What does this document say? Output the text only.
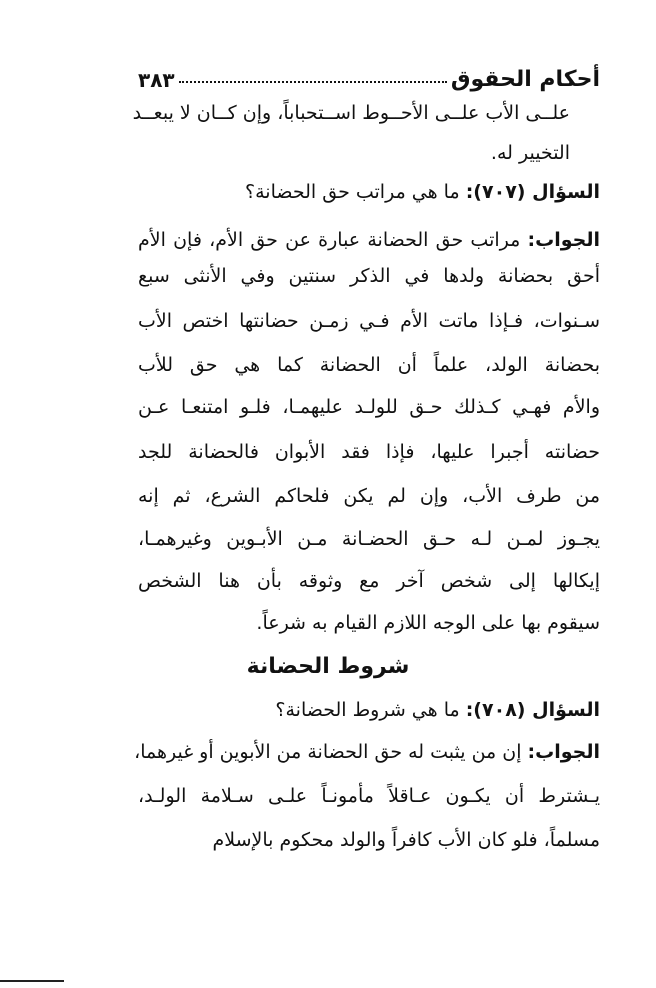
أحكام الحقوق
٣٨٣
علــى الأب علــى الأحــوط اســتحباباً، وإن كــان لا يبعــد
التخيير له.
السؤال (٧٠٧): ما هي مراتب حق الحضانة؟
الجواب: مراتب حق الحضانة عبارة عن حق الأم، فإن الأم
أحق بحضانة ولدها في الذكر سنتين وفي الأنثى سبع
سـنوات، فـإذا ماتت الأم فـي زمـن حضانتها اختص الأب
بحضانة الولد، علماً أن الحضانة كما هي حق للأب
والأم فهـي كـذلك حـق للولـد عليهمـا، فلـو امتنعـا عـن
حضانته أجبرا عليها، فإذا فقد الأبوان فالحضانة للجد
من طرف الأب، وإن لم يكن فلحاكم الشرع، ثم إنه
يجـوز لمـن لـه حـق الحضـانة مـن الأبـوين وغيرهمـا،
إيكالها إلى شخص آخر مع وثوقه بأن هنا الشخص
سيقوم بها على الوجه اللازم القيام به شرعاً.
شروط الحضانة
السؤال (٧٠٨): ما هي شروط الحضانة؟
الجواب: إن من يثبت له حق الحضانة من الأبوين أو غيرهما،
يـشترط أن يكـون عـاقلاً مأمونـاً علـى سـلامة الولـد،
مسلماً، فلو كان الأب كافراً والولد محكوم بالإسلام
